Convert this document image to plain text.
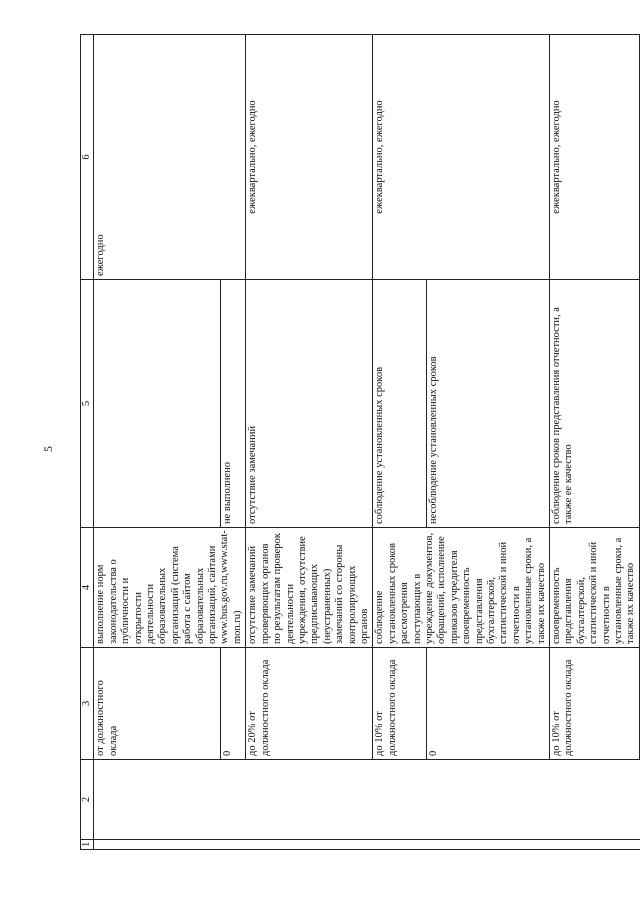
5
1	2	3	4	5	6
		от должностного оклада	выполнение норм законодательства о публичности и открытости деятельности образовательных организаций (система работа с сайтом образовательных организаций, сайтами www.bus.gov.ru,www.stat-mon.ru)		ежегодно
		0		не выполнено	
		до 20% от должностного оклада	отсутствие замечаний проверяющих органов по результатам проверок деятельности учреждения, отсутствие предписывающих (неустраненных) замечаний со стороны контролирующих органов	отсутствие замечаний	ежеквартально, ежегодно
		до 10% от должностного оклада	соблюдение установленных сроков рассмотрения поступающих в учреждение документов, обращений, исполнение приказов учредителя своевременность представления бухгалтерской, статистической и иной отчетности в установленные сроки, а также их качество	соблюдение установленных сроков	ежеквартально, ежегодно
		0		несоблюдение установленных сроков	
		до 10% от должностного оклада	своевременность представления бухгалтерской, статистической и иной отчетности в установленные сроки, а также их качество	соблюдение сроков представления отчетности, а также ее качество	ежеквартально, ежегодно
